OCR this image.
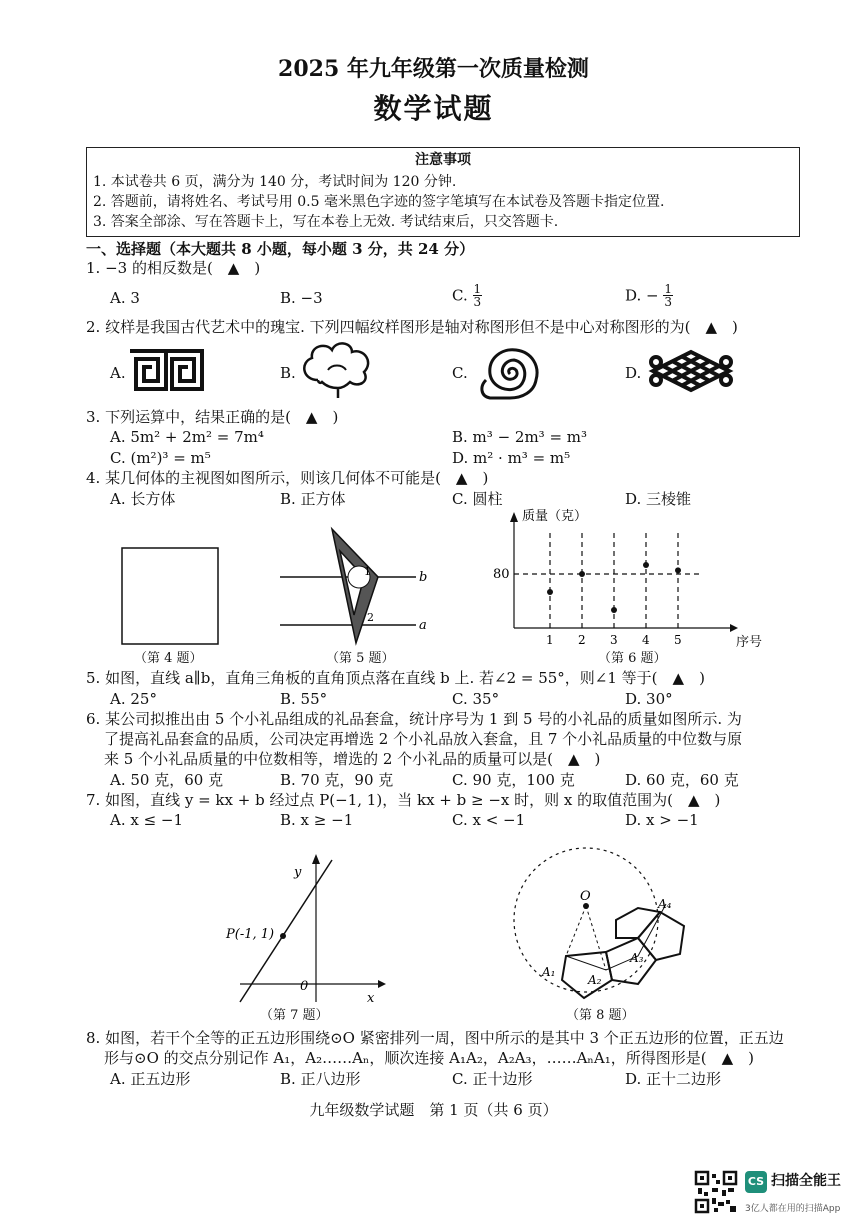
2025 年九年级第一次质量检测
数学试题
注意事项
1. 本试卷共 6 页，满分为 140 分，考试时间为 120 分钟.
2. 答题前，请将姓名、考试号用 0.5 毫米黑色字迹的签字笔填写在本试卷及答题卡指定位置.
3. 答案全部涂、写在答题卡上，写在本卷上无效. 考试结束后，只交答题卡.
一、选择题（本大题共 8 小题，每小题 3 分，共 24 分）
1. −3 的相反数是(　▲　)
A. 3	B. −3	C. $\frac{1}{3}$	D. − $\frac{1}{3}$
2. 纹样是我国古代艺术中的瑰宝. 下列四幅纹样图形是轴对称图形但不是中心对称图形的为(　▲　)
A.	B.	C.	D.
3. 下列运算中，结果正确的是(　▲　)
A. 5m² + 2m² = 7m⁴	B. m³ − 2m³ = m³
C. (m²)³ = m⁵	D. m² · m³ = m⁵
4. 某几何体的主视图如图所示，则该几何体不可能是(　▲　)
A. 长方体	B. 正方体	C. 圆柱	D. 三棱锥
（第 4 题）
b
a
1
2
（第 5 题）
质量（克）
序号
80
1 2 3 4 5
（第 6 题）
5. 如图，直线 a∥b，直角三角板的直角顶点落在直线 b 上. 若∠2 = 55°，则∠1 等于(　▲　)
A. 25°	B. 55°	C. 35°	D. 30°
6. 某公司拟推出由 5 个小礼品组成的礼品套盒，统计序号为 1 到 5 号的小礼品的质量如图所示. 为
了提高礼品套盒的品质，公司决定再增选 2 个小礼品放入套盒，且 7 个小礼品质量的中位数与原
来 5 个小礼品质量的中位数相等，增选的 2 个小礼品的质量可以是(　▲　)
A. 50 克，60 克	B. 70 克，90 克	C. 90 克，100 克	D. 60 克，60 克
7. 如图，直线 y = kx + b 经过点 P(−1, 1)，当 kx + b ≥ −x 时，则 x 的取值范围为(　▲　)
A. x ≤ −1	B. x ≥ −1	C. x < −1	D. x > −1
y
x
0
P(-1, 1)
（第 7 题）
O
A₁
A₂
A₃
A₄
（第 8 题）
8. 如图，若干个全等的正五边形围绕⊙O 紧密排列一周，图中所示的是其中 3 个正五边形的位置，正五边
形与⊙O 的交点分别记作 A₁，A₂……Aₙ，顺次连接 A₁A₂，A₂A₃，……AₙA₁，所得图形是(　▲　)
A. 正五边形	B. 正八边形	C. 正十边形	D. 正十二边形
九年级数学试题　第 1 页（共 6 页）
CS 扫描全能王
3亿人都在用的扫描App
